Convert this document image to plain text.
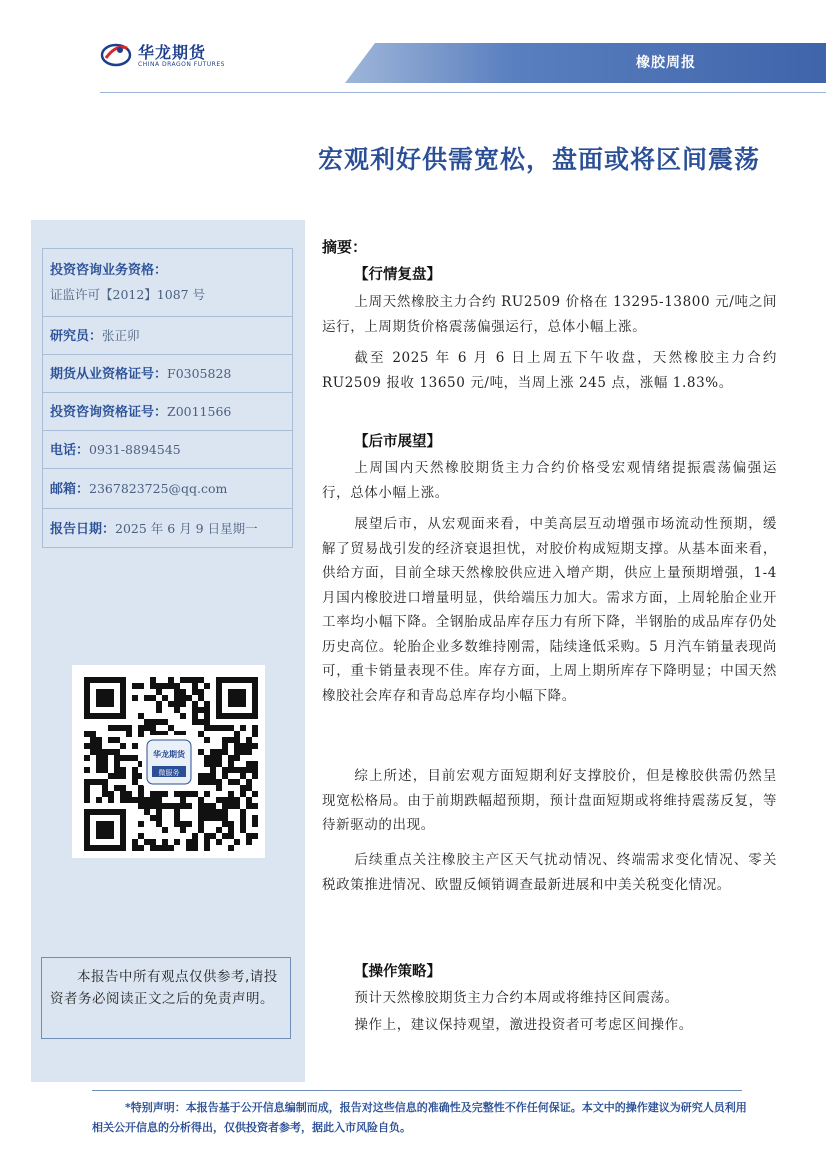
华龙期货
CHINA DRAGON FUTURES	橡胶周报
宏观利好供需宽松，盘面或将区间震荡
投资咨询业务资格：
证监许可【2012】1087 号
研究员：张正卯
期货从业资格证号：F0305828
投资咨询资格证号：Z0011566
电话：0931-8894545
邮箱：2367823725@qq.com
报告日期：2025 年 6 月 9 日星期一
华龙期货
微服务
本报告中所有观点仅供参考,请投资者务必阅读正文之后的免责声明。
摘要：
【行情复盘】
上周天然橡胶主力合约 RU2509 价格在 13295-13800 元/吨之间运行，上周期货价格震荡偏强运行，总体小幅上涨。
截至 2025 年 6 月 6 日上周五下午收盘，天然橡胶主力合约 RU2509 报收 13650 元/吨，当周上涨 245 点，涨幅 1.83%。
【后市展望】
上周国内天然橡胶期货主力合约价格受宏观情绪提振震荡偏强运行，总体小幅上涨。
展望后市，从宏观面来看，中美高层互动增强市场流动性预期，缓解了贸易战引发的经济衰退担忧，对胶价构成短期支撑。从基本面来看，供给方面，目前全球天然橡胶供应进入增产期，供应上量预期增强，1-4 月国内橡胶进口增量明显，供给端压力加大。需求方面，上周轮胎企业开工率均小幅下降。全钢胎成品库存压力有所下降，半钢胎的成品库存仍处历史高位。轮胎企业多数维持刚需，陆续逢低采购。5 月汽车销量表现尚可，重卡销量表现不佳。库存方面，上周上期所库存下降明显；中国天然橡胶社会库存和青岛总库存均小幅下降。
综上所述，目前宏观方面短期利好支撑胶价，但是橡胶供需仍然呈现宽松格局。由于前期跌幅超预期，预计盘面短期或将维持震荡反复，等待新驱动的出现。
后续重点关注橡胶主产区天气扰动情况、终端需求变化情况、零关税政策推进情况、欧盟反倾销调查最新进展和中美关税变化情况。
【操作策略】
预计天然橡胶期货主力合约本周或将维持区间震荡。
操作上，建议保持观望，激进投资者可考虑区间操作。
*特别声明：本报告基于公开信息编制而成，报告对这些信息的准确性及完整性不作任何保证。本文中的操作建议为研究人员利用相关公开信息的分析得出，仅供投资者参考，据此入市风险自负。
